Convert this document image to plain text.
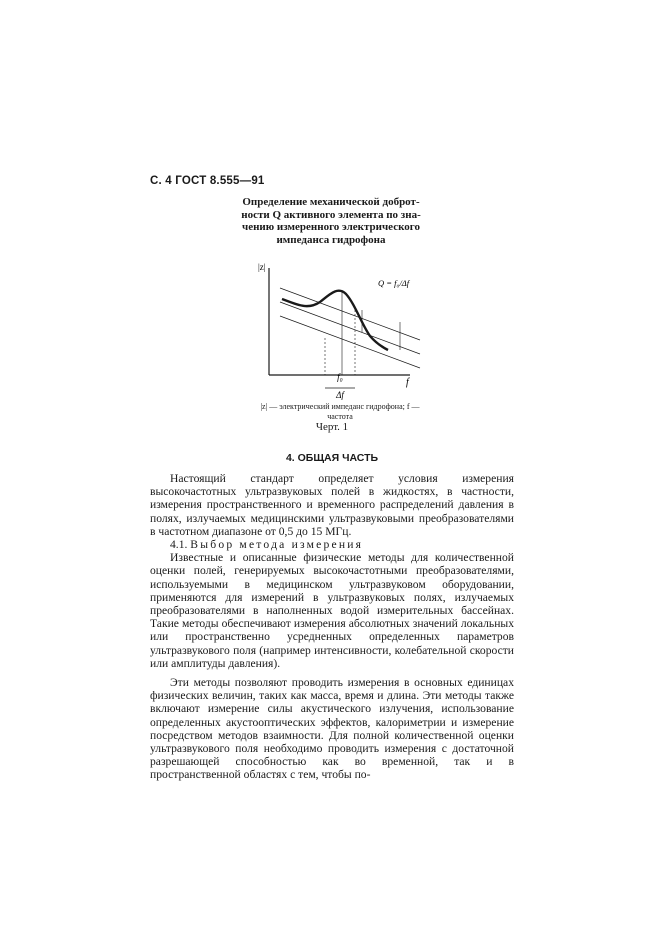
С. 4 ГОСТ 8.555—91
Определение механической доброт-
ности Q активного элемента по зна-
чению измеренного электрического
импеданса гидрофона
|z|
f
f₀
Δf
Q = f₀/Δf
|z| — электрический импеданс гидрофона; f — частота
Черт. 1
4. ОБЩАЯ ЧАСТЬ

Настоящий стандарт определяет условия измерения высокочастотных ультразвуковых полей в жидкостях, в частности, измерения пространственного и временного распределений давления в полях, излучаемых медицинскими ультразвуковыми преобразователями в частотном диапазоне от 0,5 до 15 МГц.

4.1. Выбор метода измерения

Известные и описанные физические методы для количественной оценки полей, генерируемых высокочастотными преобразователями, используемыми в медицинском ультразвуковом оборудовании, применяются для измерений в ультразвуковых полях, излучаемых преобразователями в наполненных водой измерительных бассейнах. Такие методы обеспечивают измерения абсолютных значений локальных или пространственно усредненных определенных параметров ультразвукового поля (например интенсивности, колебательной скорости или амплитуды давления).

Эти методы позволяют проводить измерения в основных единицах физических величин, таких как масса, время и длина. Эти методы также включают измерение силы акустического излучения, использование определенных акустооптических эффектов, калориметрии и измерение посредством методов взаимности. Для полной количественной оценки ультразвукового поля необходимо проводить измерения с достаточной разрешающей способностью как во временной, так и в пространственной областях с тем, чтобы по-
